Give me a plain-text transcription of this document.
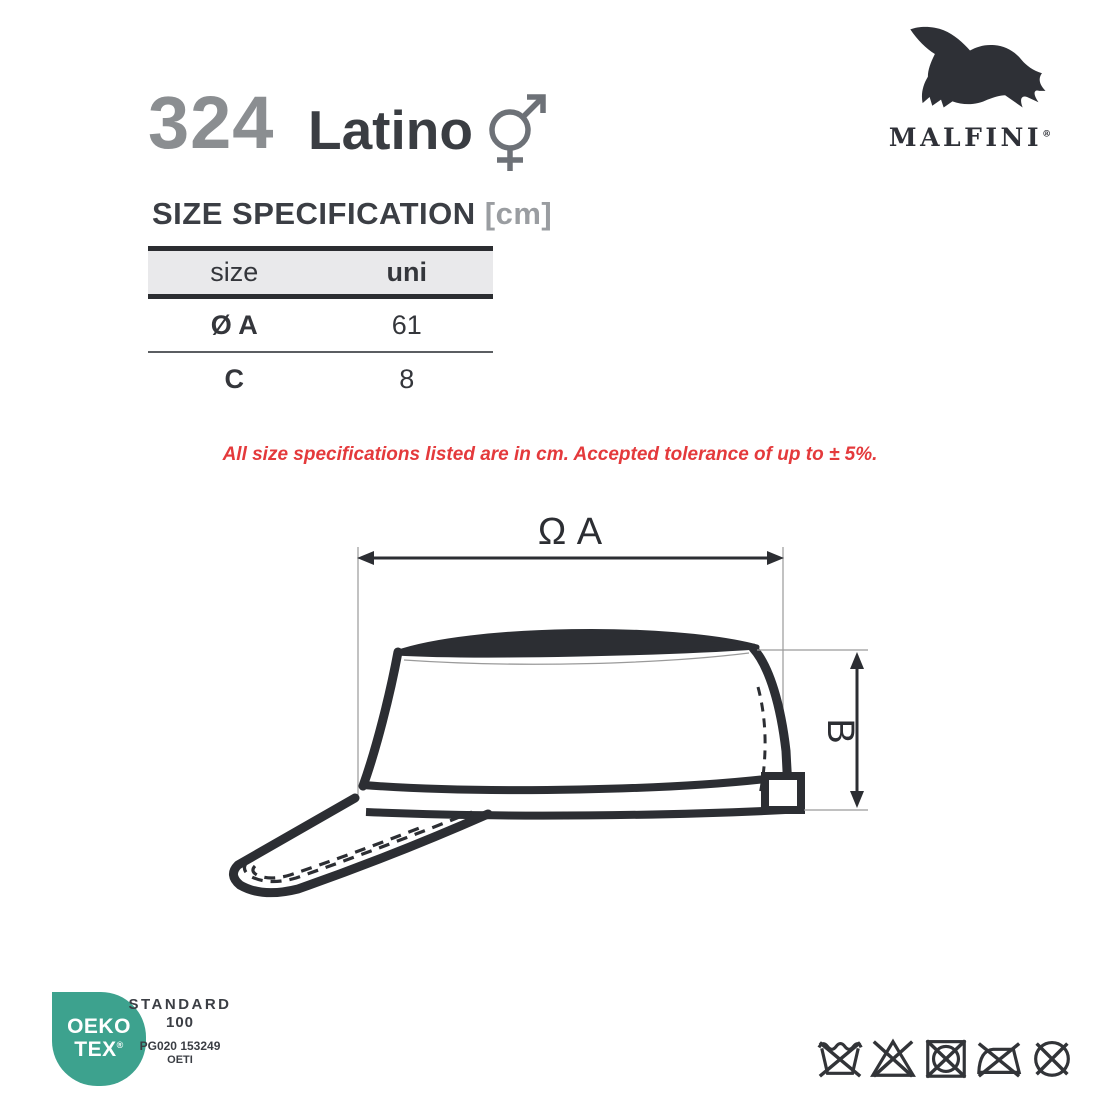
324 Latino	MALFINI®
SIZE SPECIFICATION [cm]
size	uni
Ø A	61
C	8
All size specifications listed are in cm. Accepted tolerance of up to ± 5%.
Ω A
B
OEKO
TEX®
STANDARD
100
PG020 153249
OETI
